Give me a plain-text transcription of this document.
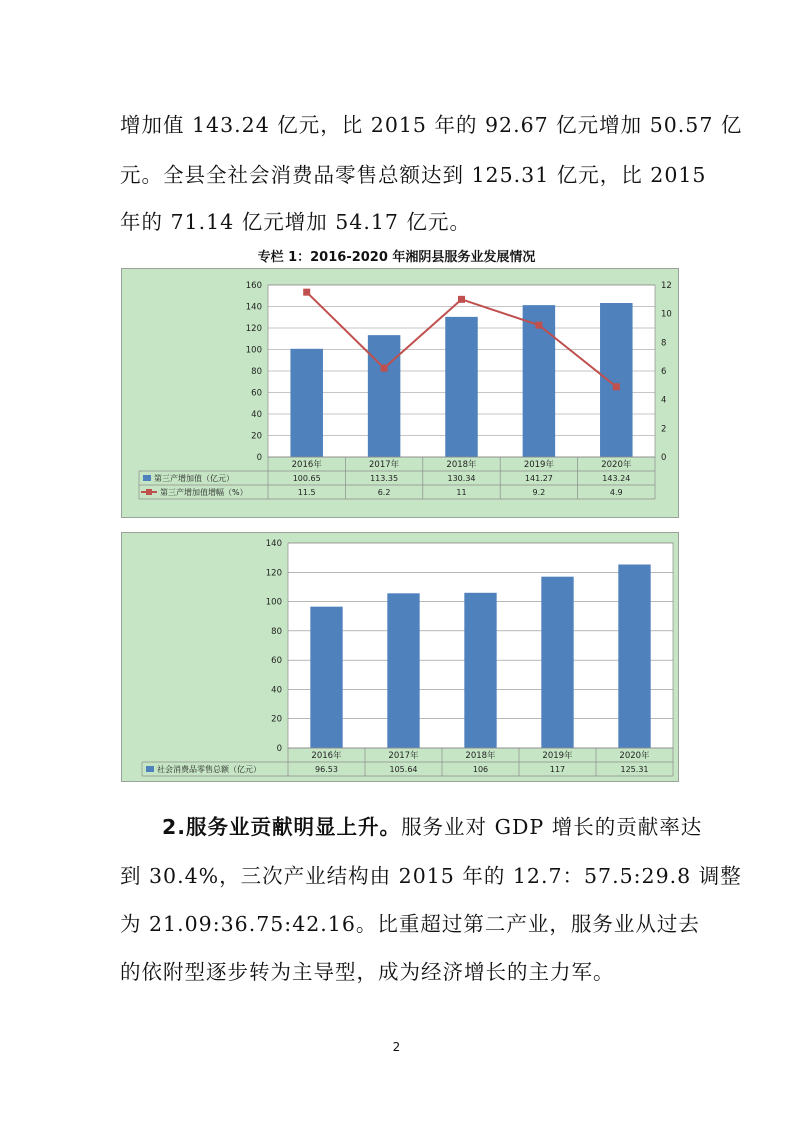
增加值 143.24 亿元，比 2015 年的 92.67 亿元增加 50.57 亿

元。全县全社会消费品零售总额达到 125.31 亿元，比 2015

年的 71.14 亿元增加 54.17 亿元。

专栏 1：2016-2020 年湘阴县服务业发展情况
0
20
40
60
80
100
120
140
160
0
2
4
6
8
10
12
2016年	2017年	2018年	2019年	2020年
第三产增加值（亿元）	100.65	113.35	130.34	141.27	143.24
第三产增加值增幅（%）	11.5	6.2	11	9.2	4.9
0
20
40
60
80
100
120
140
2016年	2017年	2018年	2019年	2020年
社会消费品零售总额（亿元）	96.53	105.64	106	117	125.31

2.服务业贡献明显上升。服务业对 GDP 增长的贡献率达

到 30.4%，三次产业结构由 2015 年的 12.7：57.5:29.8 调整

为 21.09:36.75:42.16。比重超过第二产业，服务业从过去

的依附型逐步转为主导型，成为经济增长的主力军。

2
